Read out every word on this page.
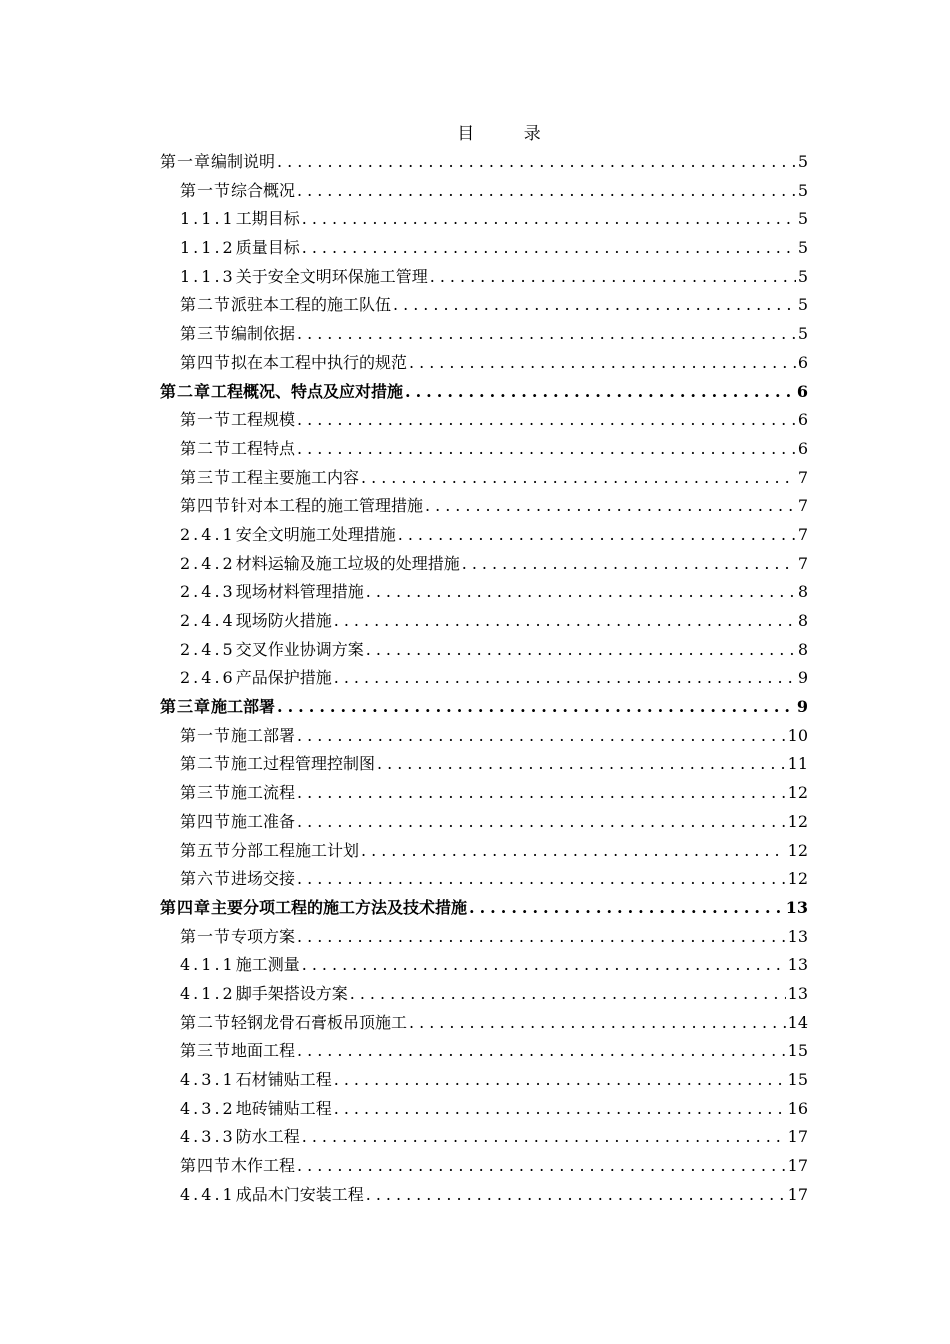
目 录
第一章 编制说明 .....	5
第一节 综合概况 .....	5
1.1.1 工期目标 .....	5
1.1.2 质量目标 .....	5
1.1.3 关于安全文明环保施工管理 .....	5
第二节 派驻本工程的施工队伍 .....	5
第三节 编制依据 .....	5
第四节 拟在本工程中执行的规范 .....	6
第二章 工程概况、特点及应对措施 .....	6
第一节 工程规模 .....	6
第二节 工程特点 .....	6
第三节 工程主要施工内容 .....	7
第四节 针对本工程的施工管理措施 .....	7
2.4.1 安全文明施工处理措施 .....	7
2.4.2 材料运输及施工垃圾的处理措施 .....	7
2.4.3 现场材料管理措施 .....	8
2.4.4 现场防火措施 .....	8
2.4.5 交叉作业协调方案 .....	8
2.4.6 产品保护措施 .....	9
第三章 施工部署 .....	9
第一节 施工部署 .....	10
第二节 施工过程管理控制图 .....	11
第三节 施工流程 .....	12
第四节 施工准备 .....	12
第五节 分部工程施工计划 .....	12
第六节 进场交接 .....	12
第四章 主要分项工程的施工方法及技术措施 .....	13
第一节 专项方案 .....	13
4.1.1 施工测量 .....	13
4.1.2 脚手架搭设方案 .....	13
第二节 轻钢龙骨石膏板吊顶施工 .....	14
第三节 地面工程 .....	15
4.3.1 石材铺贴工程 .....	15
4.3.2 地砖铺贴工程 .....	16
4.3.3 防水工程 .....	17
第四节 木作工程 .....	17
4.4.1 成品木门安装工程 .....	17
